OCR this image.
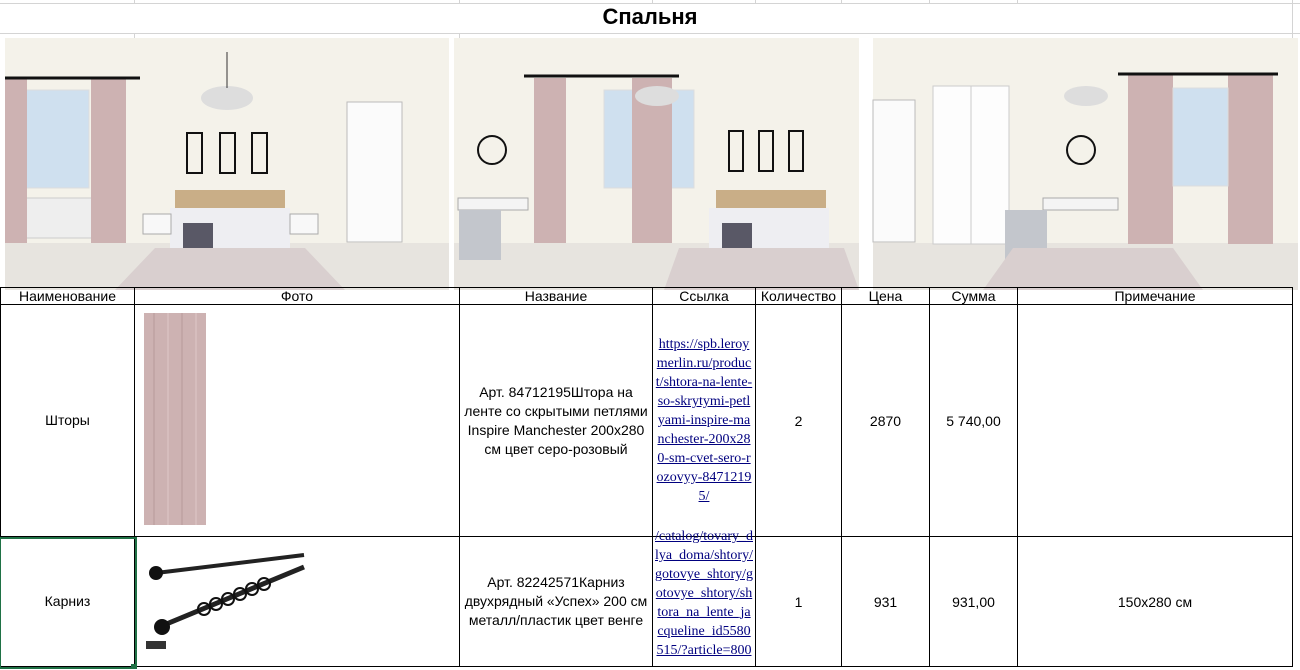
Спальня
Наименование	Фото	Название	Ссылка	Количество	Цена	Сумма	Примечание

Шторы		Арт. 84712195Штора на ленте со скрытыми петлями Inspire Manchester 200x280 см цвет серо-розовый	https://spb.leroymerlin.ru/product/shtora-na-lente-so-skrytymi-petlyami-inspire-manchester-200x280-sm-cvet-sero-rozovyy-84712195/	2	2870	5 740,00	

Карниз		Арт. 82242571Карниз двухрядный «Успех» 200 см металл/пластик цвет венге	/catalog/tovary_dlya_doma/shtory/gotovye_shtory/gotovye_shtory/shtora_na_lente_jacqueline_id5580515/?article=800	1	931	931,00	150x280 см
